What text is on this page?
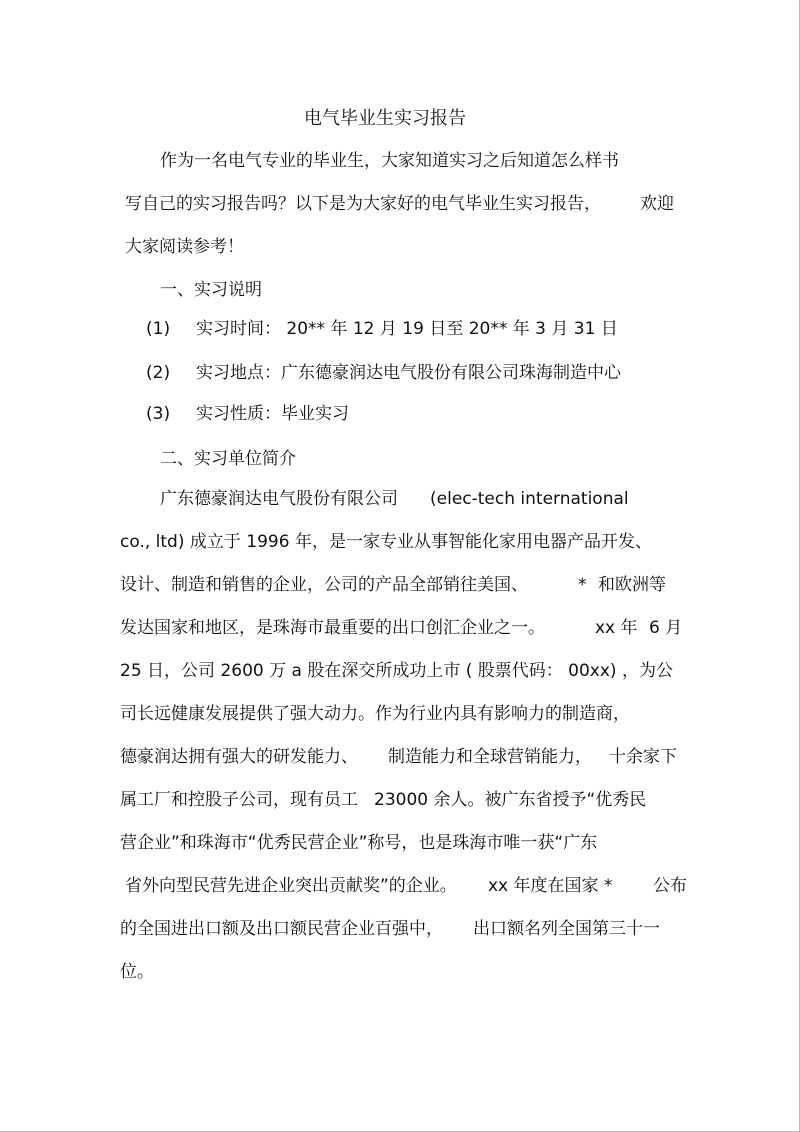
电气毕业生实习报告
作为一名电气专业的毕业生，大家知道实习之后知道怎么样书
写自己的实习报告吗？以下是为大家好的电气毕业生实习报告， 欢迎
大家阅读参考！
一、实习说明
(1) 实习时间： 20** 年 12 月 19 日至 20** 年 3 月 31 日
(2) 实习地点：广东德豪润达电气股份有限公司珠海制造中心
(3) 实习性质：毕业实习
二、实习单位简介
广东德豪润达电气股份有限公司 (elec-tech international
co., ltd) 成立于 1996 年，是一家专业从事智能化家用电器产品开发、
设计、制造和销售的企业，公司的产品全部销往美国、	* 和欧洲等
发达国家和地区，是珠海市最重要的出口创汇企业之一。	xx 年 6 月
25 日，公司 2600 万 a 股在深交所成功上市 ( 股票代码： 00xx) ，为公
司长远健康发展提供了强大动力。作为行业内具有影响力的制造商，
德豪润达拥有强大的研发能力、 制造能力和全球营销能力， 十余家下
属工厂和控股子公司，现有员工 23000 余人。被广东省授予“优秀民
营企业”和珠海市“优秀民营企业”称号，也是珠海市唯一获“广东
省外向型民营先进企业突出贡献奖”的企业。 xx 年度在国家 * 公布
的全国进出口额及出口额民营企业百强中， 出口额名列全国第三十一
位。
